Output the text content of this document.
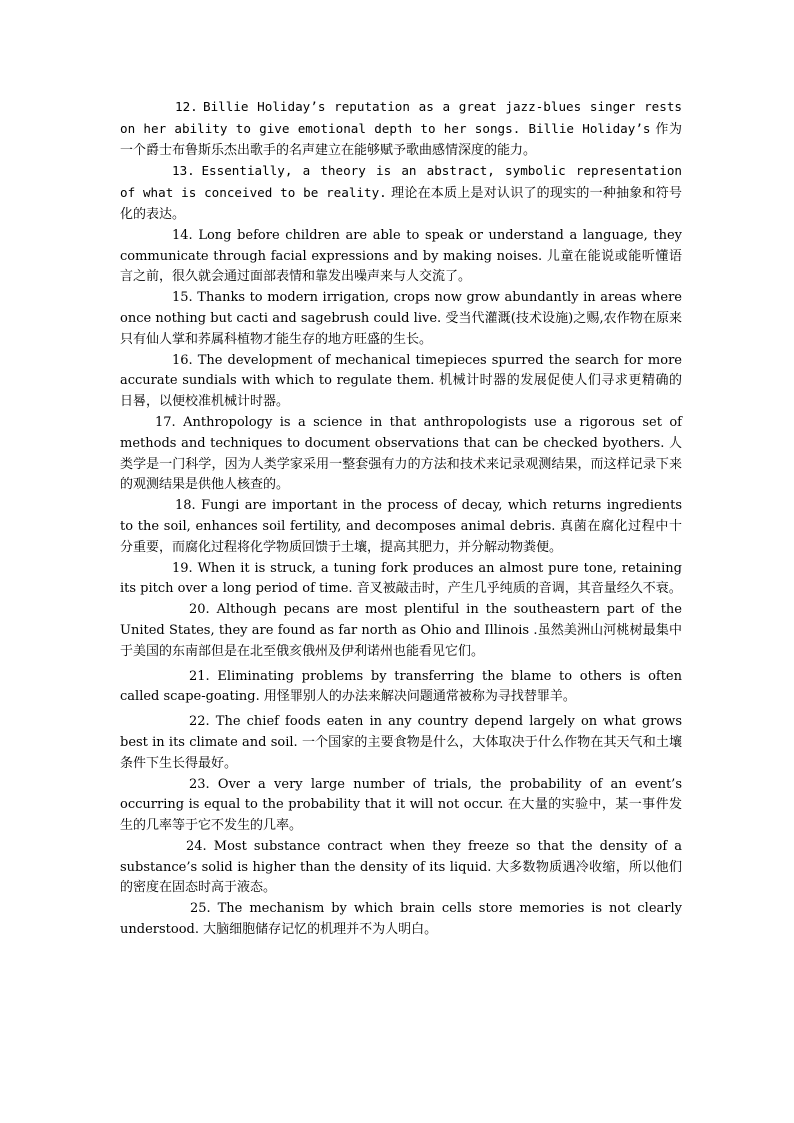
12. Billie Holiday’s reputation as a great jazz-blues singer rests on her ability to give emotional depth to her songs. Billie Holiday’s 作为一个爵士布鲁斯乐杰出歌手的名声建立在能够赋予歌曲感情深度的能力。

13. Essentially, a theory is an abstract, symbolic representation of what is conceived to be reality. 理论在本质上是对认识了的现实的一种抽象和符号化的表达。

14. Long before children are able to speak or understand a language, they communicate through facial expressions and by making noises. 儿童在能说或能听懂语言之前，很久就会通过面部表情和靠发出噪声来与人交流了。

15. Thanks to modern irrigation, crops now grow abundantly in areas where once nothing but cacti and sagebrush could live. 受当代灌溉(技术设施)之赐,农作物在原来只有仙人掌和荞属科植物才能生存的地方旺盛的生长。

16. The development of mechanical timepieces spurred the search for more accurate sundials with which to regulate them. 机械计时器的发展促使人们寻求更精确的日晷，以便校准机械计时器。

17. Anthropology is a science in that anthropologists use a rigorous set of methods and techniques to document observations that can be checked byothers. 人类学是一门科学，因为人类学家采用一整套强有力的方法和技术来记录观测结果，而这样记录下来的观测结果是供他人核查的。

18. Fungi are important in the process of decay, which returns ingredients to the soil, enhances soil fertility, and decomposes animal debris. 真菌在腐化过程中十分重要，而腐化过程将化学物质回馈于土壤，提高其肥力，并分解动物粪便。

19. When it is struck, a tuning fork produces an almost pure tone, retaining its pitch over a long period of time. 音叉被敲击时，产生几乎纯质的音调，其音量经久不衰。

20. Although pecans are most plentiful in the southeastern part of the United States, they are found as far north as Ohio and Illinois .虽然美洲山河桃树最集中于美国的东南部但是在北至俄亥俄州及伊利诺州也能看见它们。

21. Eliminating problems by transferring the blame to others is often called scape-goating. 用怪罪别人的办法来解决问题通常被称为寻找替罪羊。

22. The chief foods eaten in any country depend largely on what grows best in its climate and soil. 一个国家的主要食物是什么，大体取决于什么作物在其天气和土壤条件下生长得最好。

23. Over a very large number of trials, the probability of an event’s occurring is equal to the probability that it will not occur. 在大量的实验中，某一事件发生的几率等于它不发生的几率。

24. Most substance contract when they freeze so that the density of a substance’s solid is higher than the density of its liquid. 大多数物质遇冷收缩，所以他们的密度在固态时高于液态。

25. The mechanism by which brain cells store memories is not clearly understood. 大脑细胞储存记忆的机理并不为人明白。
